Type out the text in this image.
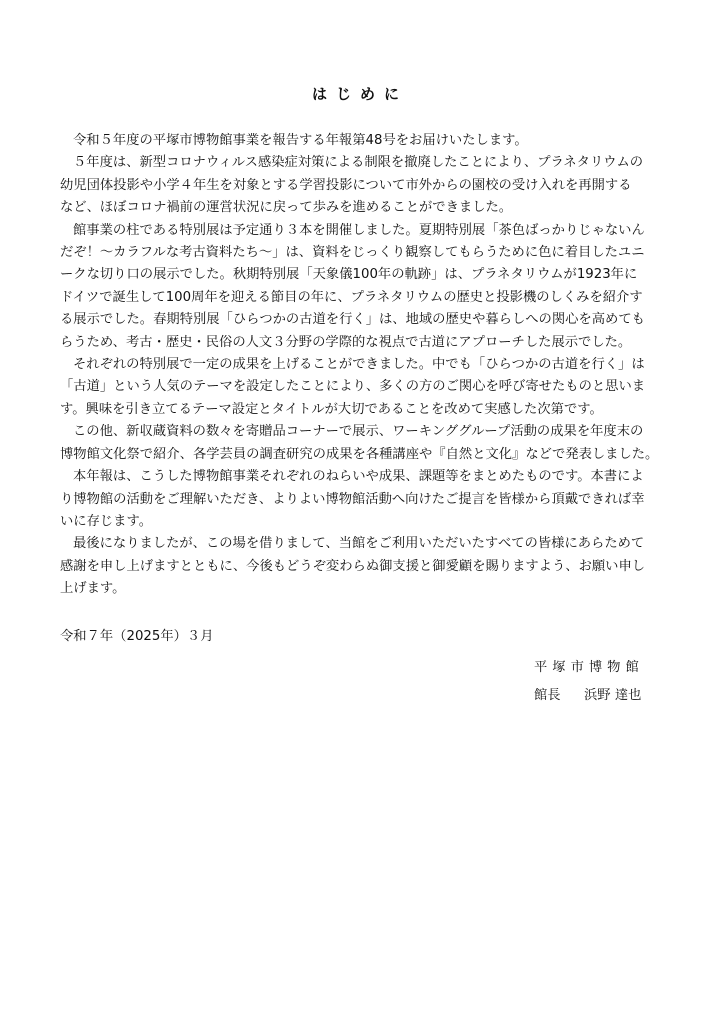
はじめに
令和５年度の平塚市博物館事業を報告する年報第48号をお届けいたします。
５年度は、新型コロナウィルス感染症対策による制限を撤廃したことにより、プラネタリウムの
幼児団体投影や小学４年生を対象とする学習投影について市外からの園校の受け入れを再開する
など、ほぼコロナ禍前の運営状況に戻って歩みを進めることができました。
館事業の柱である特別展は予定通り３本を開催しました。夏期特別展「茶色ばっかりじゃないん
だぞ！～カラフルな考古資料たち～」は、資料をじっくり観察してもらうために色に着目したユニ
ークな切り口の展示でした。秋期特別展「天象儀100年の軌跡」は、プラネタリウムが1923年に
ドイツで誕生して100周年を迎える節目の年に、プラネタリウムの歴史と投影機のしくみを紹介す
る展示でした。春期特別展「ひらつかの古道を行く」は、地域の歴史や暮らしへの関心を高めても
らうため、考古・歴史・民俗の人文３分野の学際的な視点で古道にアプローチした展示でした。
それぞれの特別展で一定の成果を上げることができました。中でも「ひらつかの古道を行く」は
「古道」という人気のテーマを設定したことにより、多くの方のご関心を呼び寄せたものと思いま
す。興味を引き立てるテーマ設定とタイトルが大切であることを改めて実感した次第です。
この他、新収蔵資料の数々を寄贈品コーナーで展示、ワーキンググループ活動の成果を年度末の
博物館文化祭で紹介、各学芸員の調査研究の成果を各種講座や『自然と文化』などで発表しました。
本年報は、こうした博物館事業それぞれのねらいや成果、課題等をまとめたものです。本書によ
り博物館の活動をご理解いただき、よりよい博物館活動へ向けたご提言を皆様から頂戴できれば幸
いに存じます。
最後になりましたが、この場を借りまして、当館をご利用いただいたすべての皆様にあらためて
感謝を申し上げますとともに、今後もどうぞ変わらぬ御支援と御愛顧を賜りますよう、お願い申し
上げます。
令和７年（2025年）３月
平塚市博物館
館長 浜野 達也
